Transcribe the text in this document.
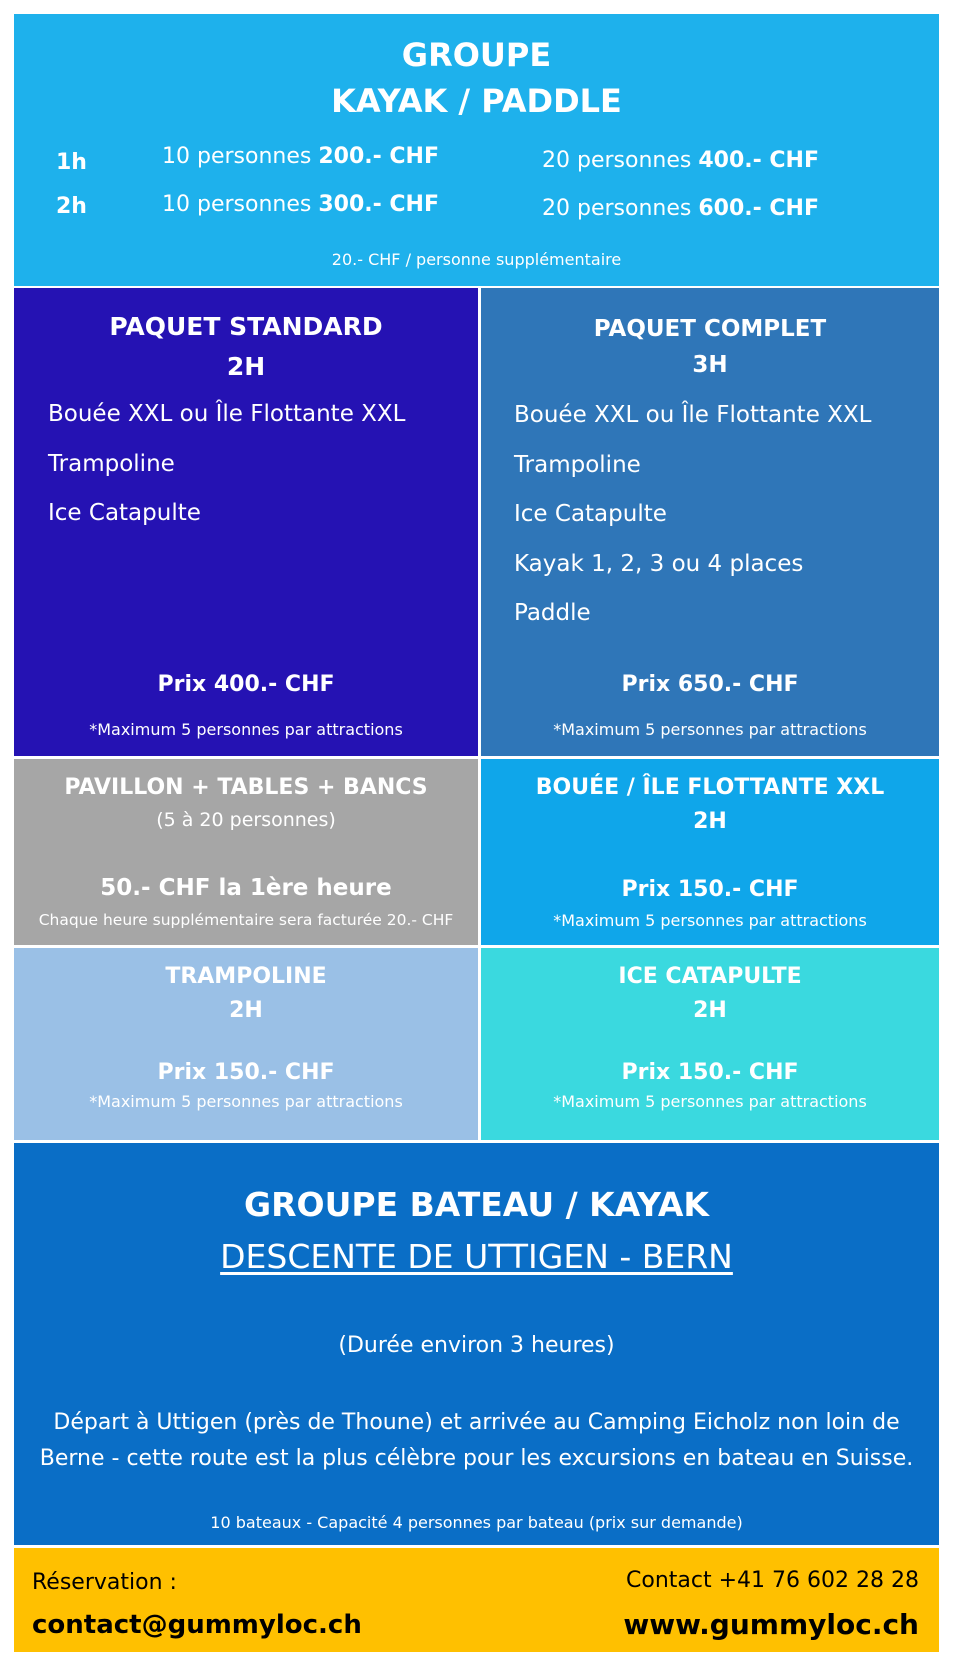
GROUPE
KAYAK / PADDLE
1h	10 personnes 200.- CHF	20 personnes 400.- CHF
2h	10 personnes 300.- CHF	20 personnes 600.- CHF
20.- CHF / personne supplémentaire
PAQUET STANDARD
2H
Bouée XXL ou Île Flottante XXL
Trampoline
Ice Catapulte
Prix 400.- CHF
*Maximum 5 personnes par attractions
PAQUET COMPLET
3H
Bouée XXL ou Île Flottante XXL
Trampoline
Ice Catapulte
Kayak 1, 2, 3 ou 4 places
Paddle
Prix 650.- CHF
*Maximum 5 personnes par attractions
PAVILLON + TABLES + BANCS
(5 à 20 personnes)
50.- CHF la 1ère heure
Chaque heure supplémentaire sera facturée 20.- CHF
BOUÉE / ÎLE FLOTTANTE XXL
2H
Prix 150.- CHF
*Maximum 5 personnes par attractions
TRAMPOLINE
2H
Prix 150.- CHF
*Maximum 5 personnes par attractions
ICE CATAPULTE
2H
Prix 150.- CHF
*Maximum 5 personnes par attractions
GROUPE BATEAU / KAYAK
DESCENTE DE UTTIGEN - BERN
(Durée environ 3 heures)
Départ à Uttigen (près de Thoune) et arrivée au Camping Eicholz non loin de
Berne - cette route est la plus célèbre pour les excursions en bateau en Suisse.
10 bateaux - Capacité 4 personnes par bateau (prix sur demande)
Réservation :
contact@gummyloc.ch
Contact +41 76 602 28 28
www.gummyloc.ch
